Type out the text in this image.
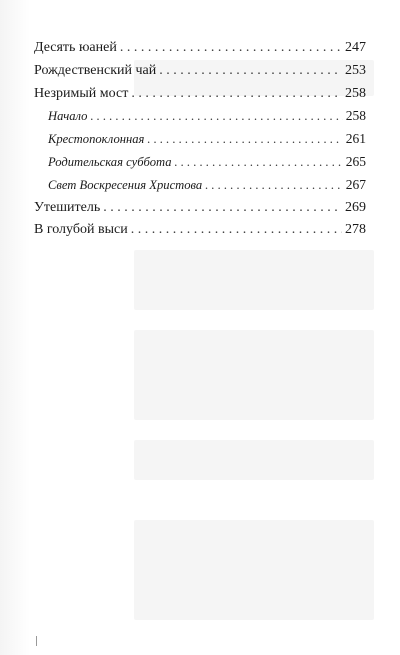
Десять юаней . . .	247
Рождественский чай . . .	253
Незримый мост . . .	258
Начало . . .	258
Крестопоклонная . . .	261
Родительская суббота . . .	265
Свет Воскресения Христова . . .	267
Утешитель . . .	269
В голубой выси . . .	278
